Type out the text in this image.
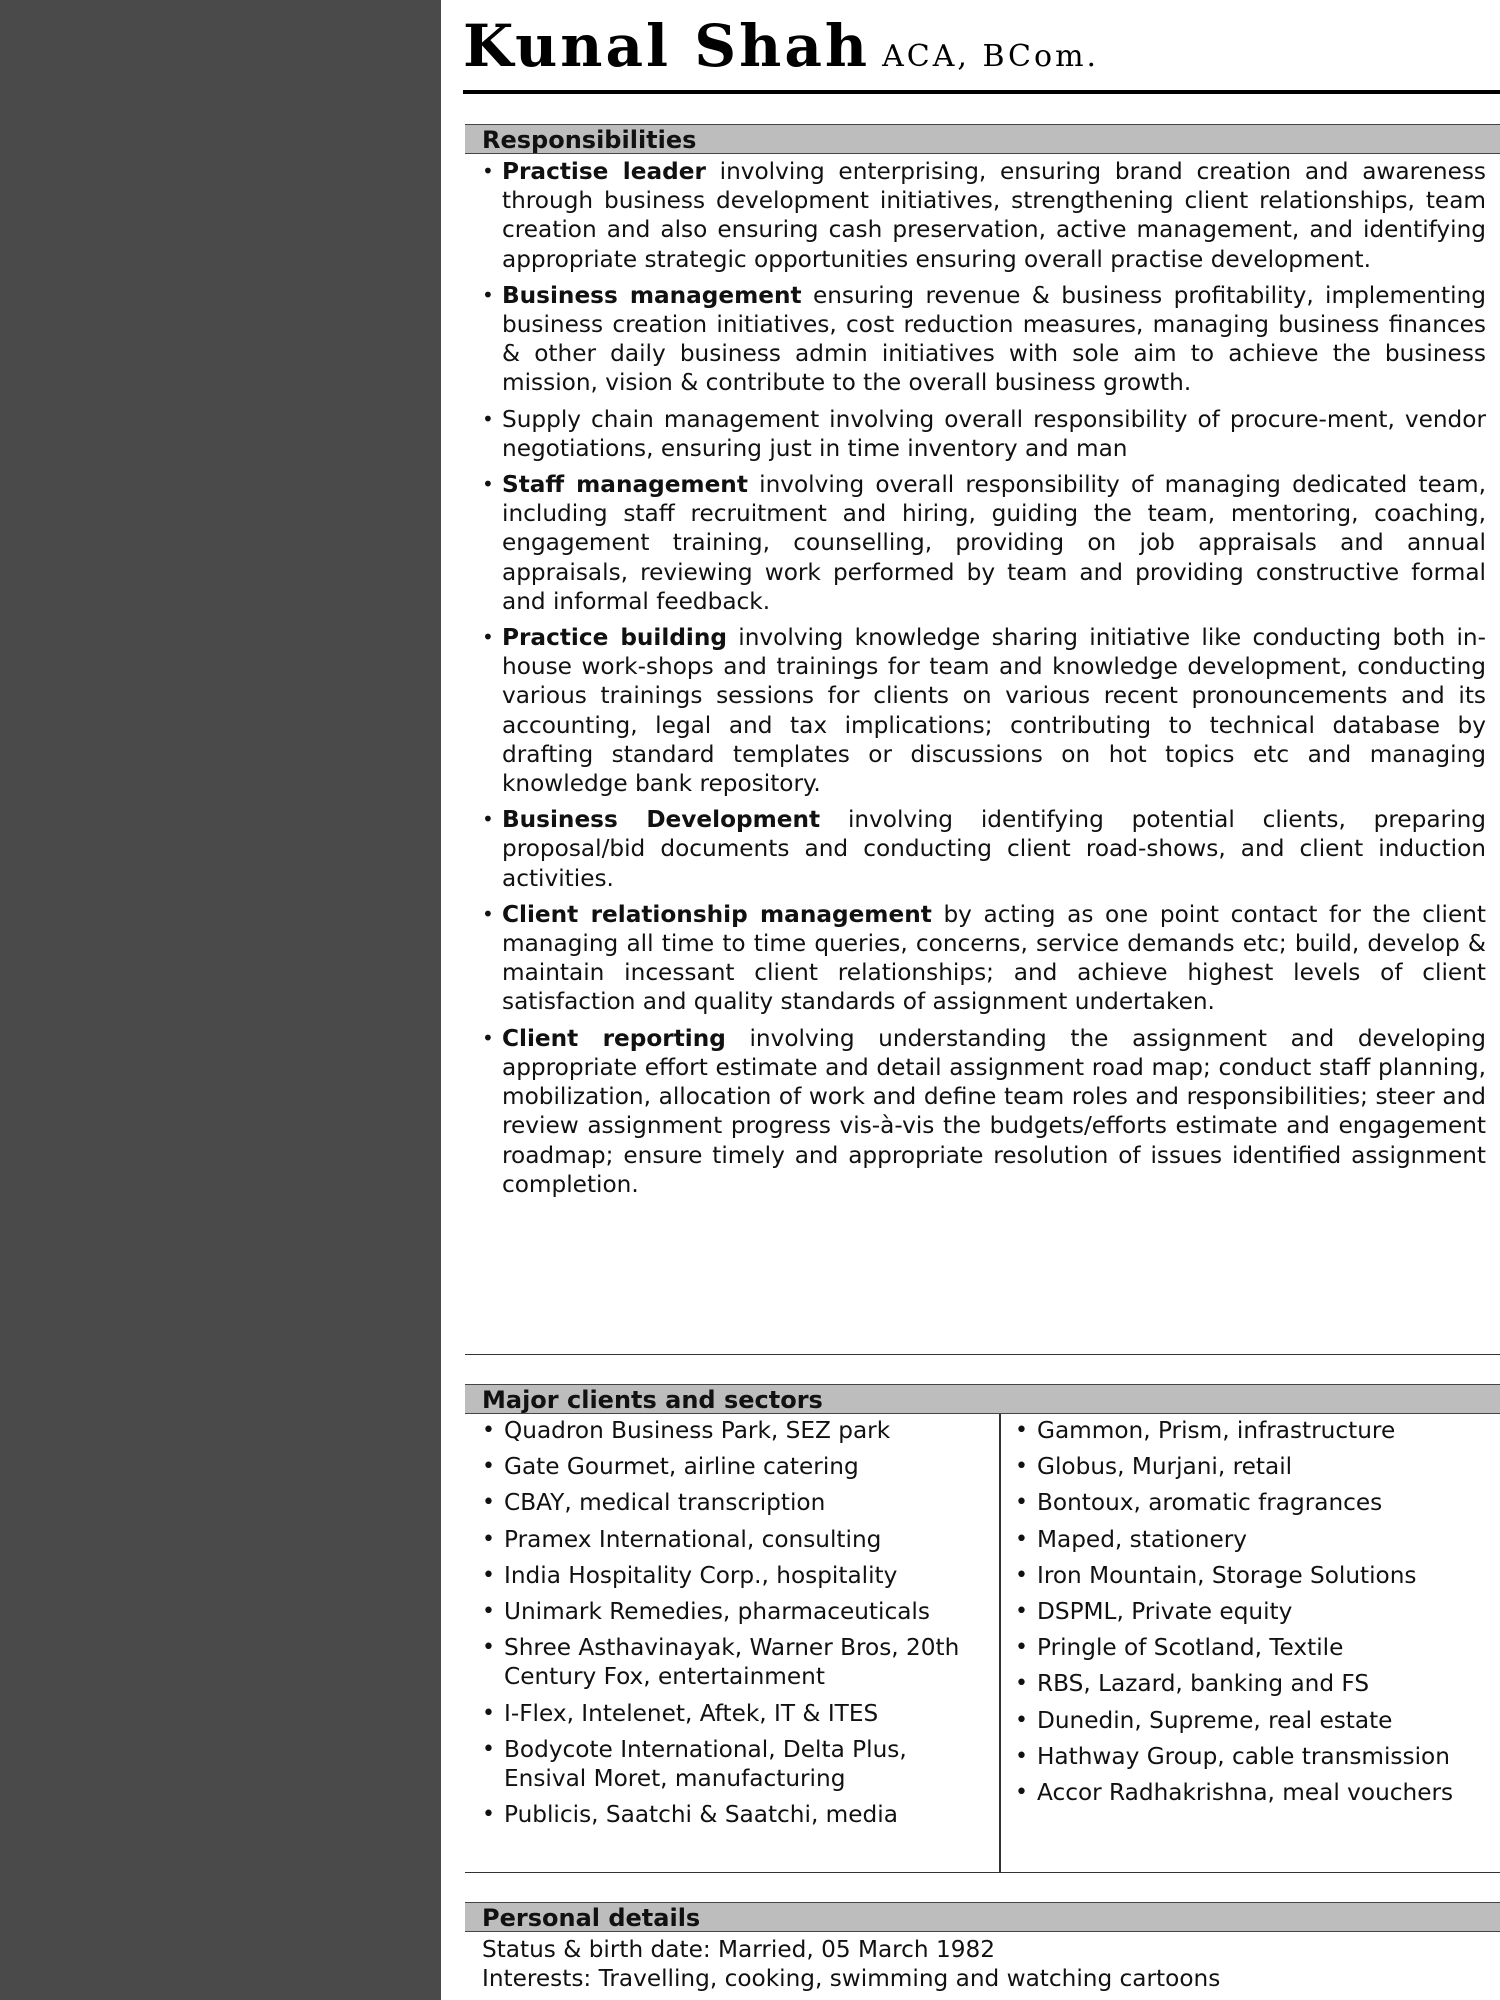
Kunal Shah ACA, BCom.
Responsibilities
• Practise leader involving enterprising, ensuring brand creation and awareness through business development initiatives, strengthening client relationships, team creation and also ensuring cash preservation, active management, and identifying appropriate strategic opportunities ensuring overall practise development.
• Business management ensuring revenue & business profitability, implementing business creation initiatives, cost reduction measures, managing business finances & other daily business admin initiatives with sole aim to achieve the business mission, vision & contribute to the overall business growth.
• Supply chain management involving overall responsibility of procure-ment, vendor negotiations, ensuring just in time inventory and man
• Staff management involving overall responsibility of managing dedicated team, including staff recruitment and hiring, guiding the team, mentoring, coaching, engagement training, counselling, providing on job appraisals and annual appraisals, reviewing work performed by team and providing constructive formal and informal feedback.
• Practice building involving knowledge sharing initiative like conducting both in-house work-shops and trainings for team and knowledge development, conducting various trainings sessions for clients on various recent pronouncements and its accounting, legal and tax implications; contributing to technical database by drafting standard templates or discussions on hot topics etc and managing knowledge bank repository.
• Business Development involving identifying potential clients, preparing proposal/bid documents and conducting client road-shows, and client induction activities.
• Client relationship management by acting as one point contact for the client managing all time to time queries, concerns, service demands etc; build, develop & maintain incessant client relationships; and achieve highest levels of client satisfaction and quality standards of assignment undertaken.
• Client reporting involving understanding the assignment and developing appropriate effort estimate and detail assignment road map; conduct staff planning, mobilization, allocation of work and define team roles and responsibilities; steer and review assignment progress vis-à-vis the budgets/efforts estimate and engagement roadmap; ensure timely and appropriate resolution of issues identified assignment completion.
Major clients and sectors
• Quadron Business Park, SEZ park
• Gate Gourmet, airline catering
• CBAY, medical transcription
• Pramex International, consulting
• India Hospitality Corp., hospitality
• Unimark Remedies, pharmaceuticals
• Shree Asthavinayak, Warner Bros, 20th Century Fox, entertainment
• I-Flex, Intelenet, Aftek, IT & ITES
• Bodycote International, Delta Plus, Ensival Moret, manufacturing
• Publicis, Saatchi & Saatchi, media
• Gammon, Prism, infrastructure
• Globus, Murjani, retail
• Bontoux, aromatic fragrances
• Maped, stationery
• Iron Mountain, Storage Solutions
• DSPML, Private equity
• Pringle of Scotland, Textile
• RBS, Lazard, banking and FS
• Dunedin, Supreme, real estate
• Hathway Group, cable transmission
• Accor Radhakrishna, meal vouchers
Personal details
Status & birth date: Married, 05 March 1982
Interests: Travelling, cooking, swimming and watching cartoons
